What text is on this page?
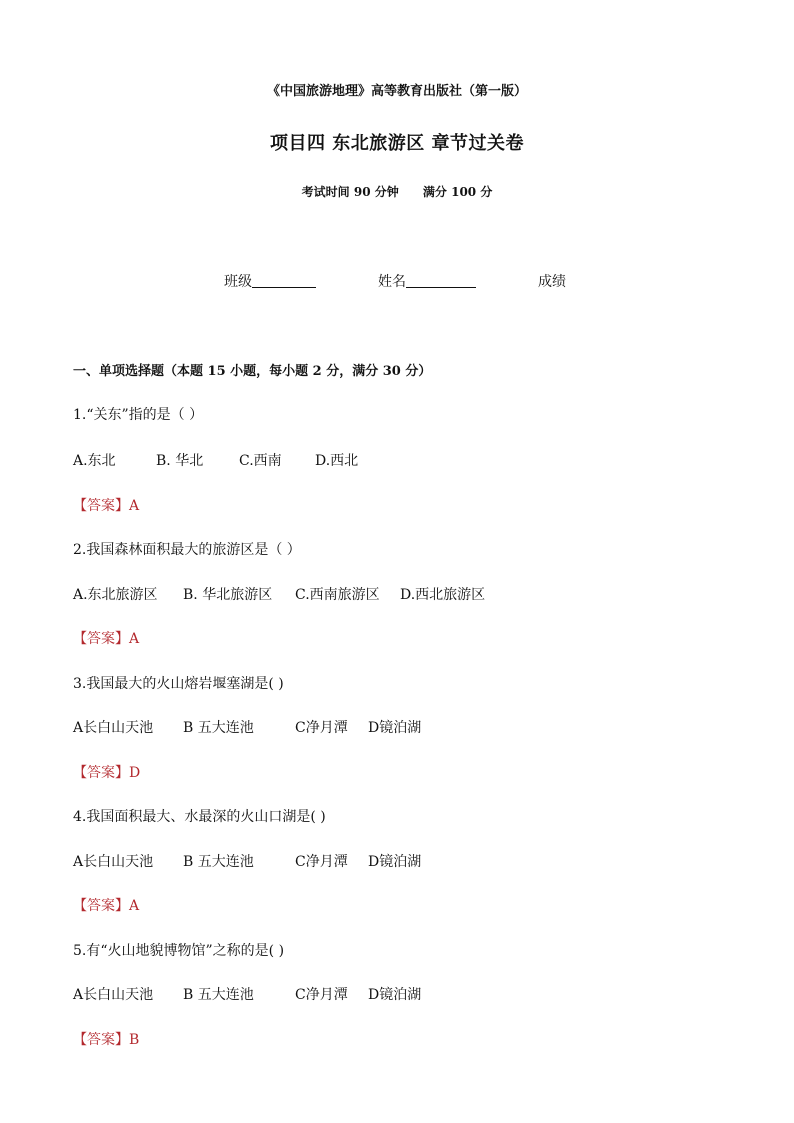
《中国旅游地理》高等教育出版社（第一版）
项目四 东北旅游区 章节过关卷
考试时间 90 分钟 满分 100 分
班级	姓名	成绩
一、单项选择题（本题 15 小题，每小题 2 分，满分 30 分）
1.“关东”指的是（ ）
A.东北	B. 华北	C.西南 D.西北
【答案】A
2.我国森林面积最大的旅游区是（ ）
A.东北旅游区 B. 华北旅游区 C.西南旅游区 D.西北旅游区
【答案】A
3.我国最大的火山熔岩堰塞湖是( )
A长白山天池 B 五大连池	C净月潭 D镜泊湖
【答案】D
4.我国面积最大、水最深的火山口湖是( )
A长白山天池 B 五大连池	C净月潭 D镜泊湖
【答案】A
5.有“火山地貌博物馆”之称的是( )
A长白山天池 B 五大连池	C净月潭 D镜泊湖
【答案】B
